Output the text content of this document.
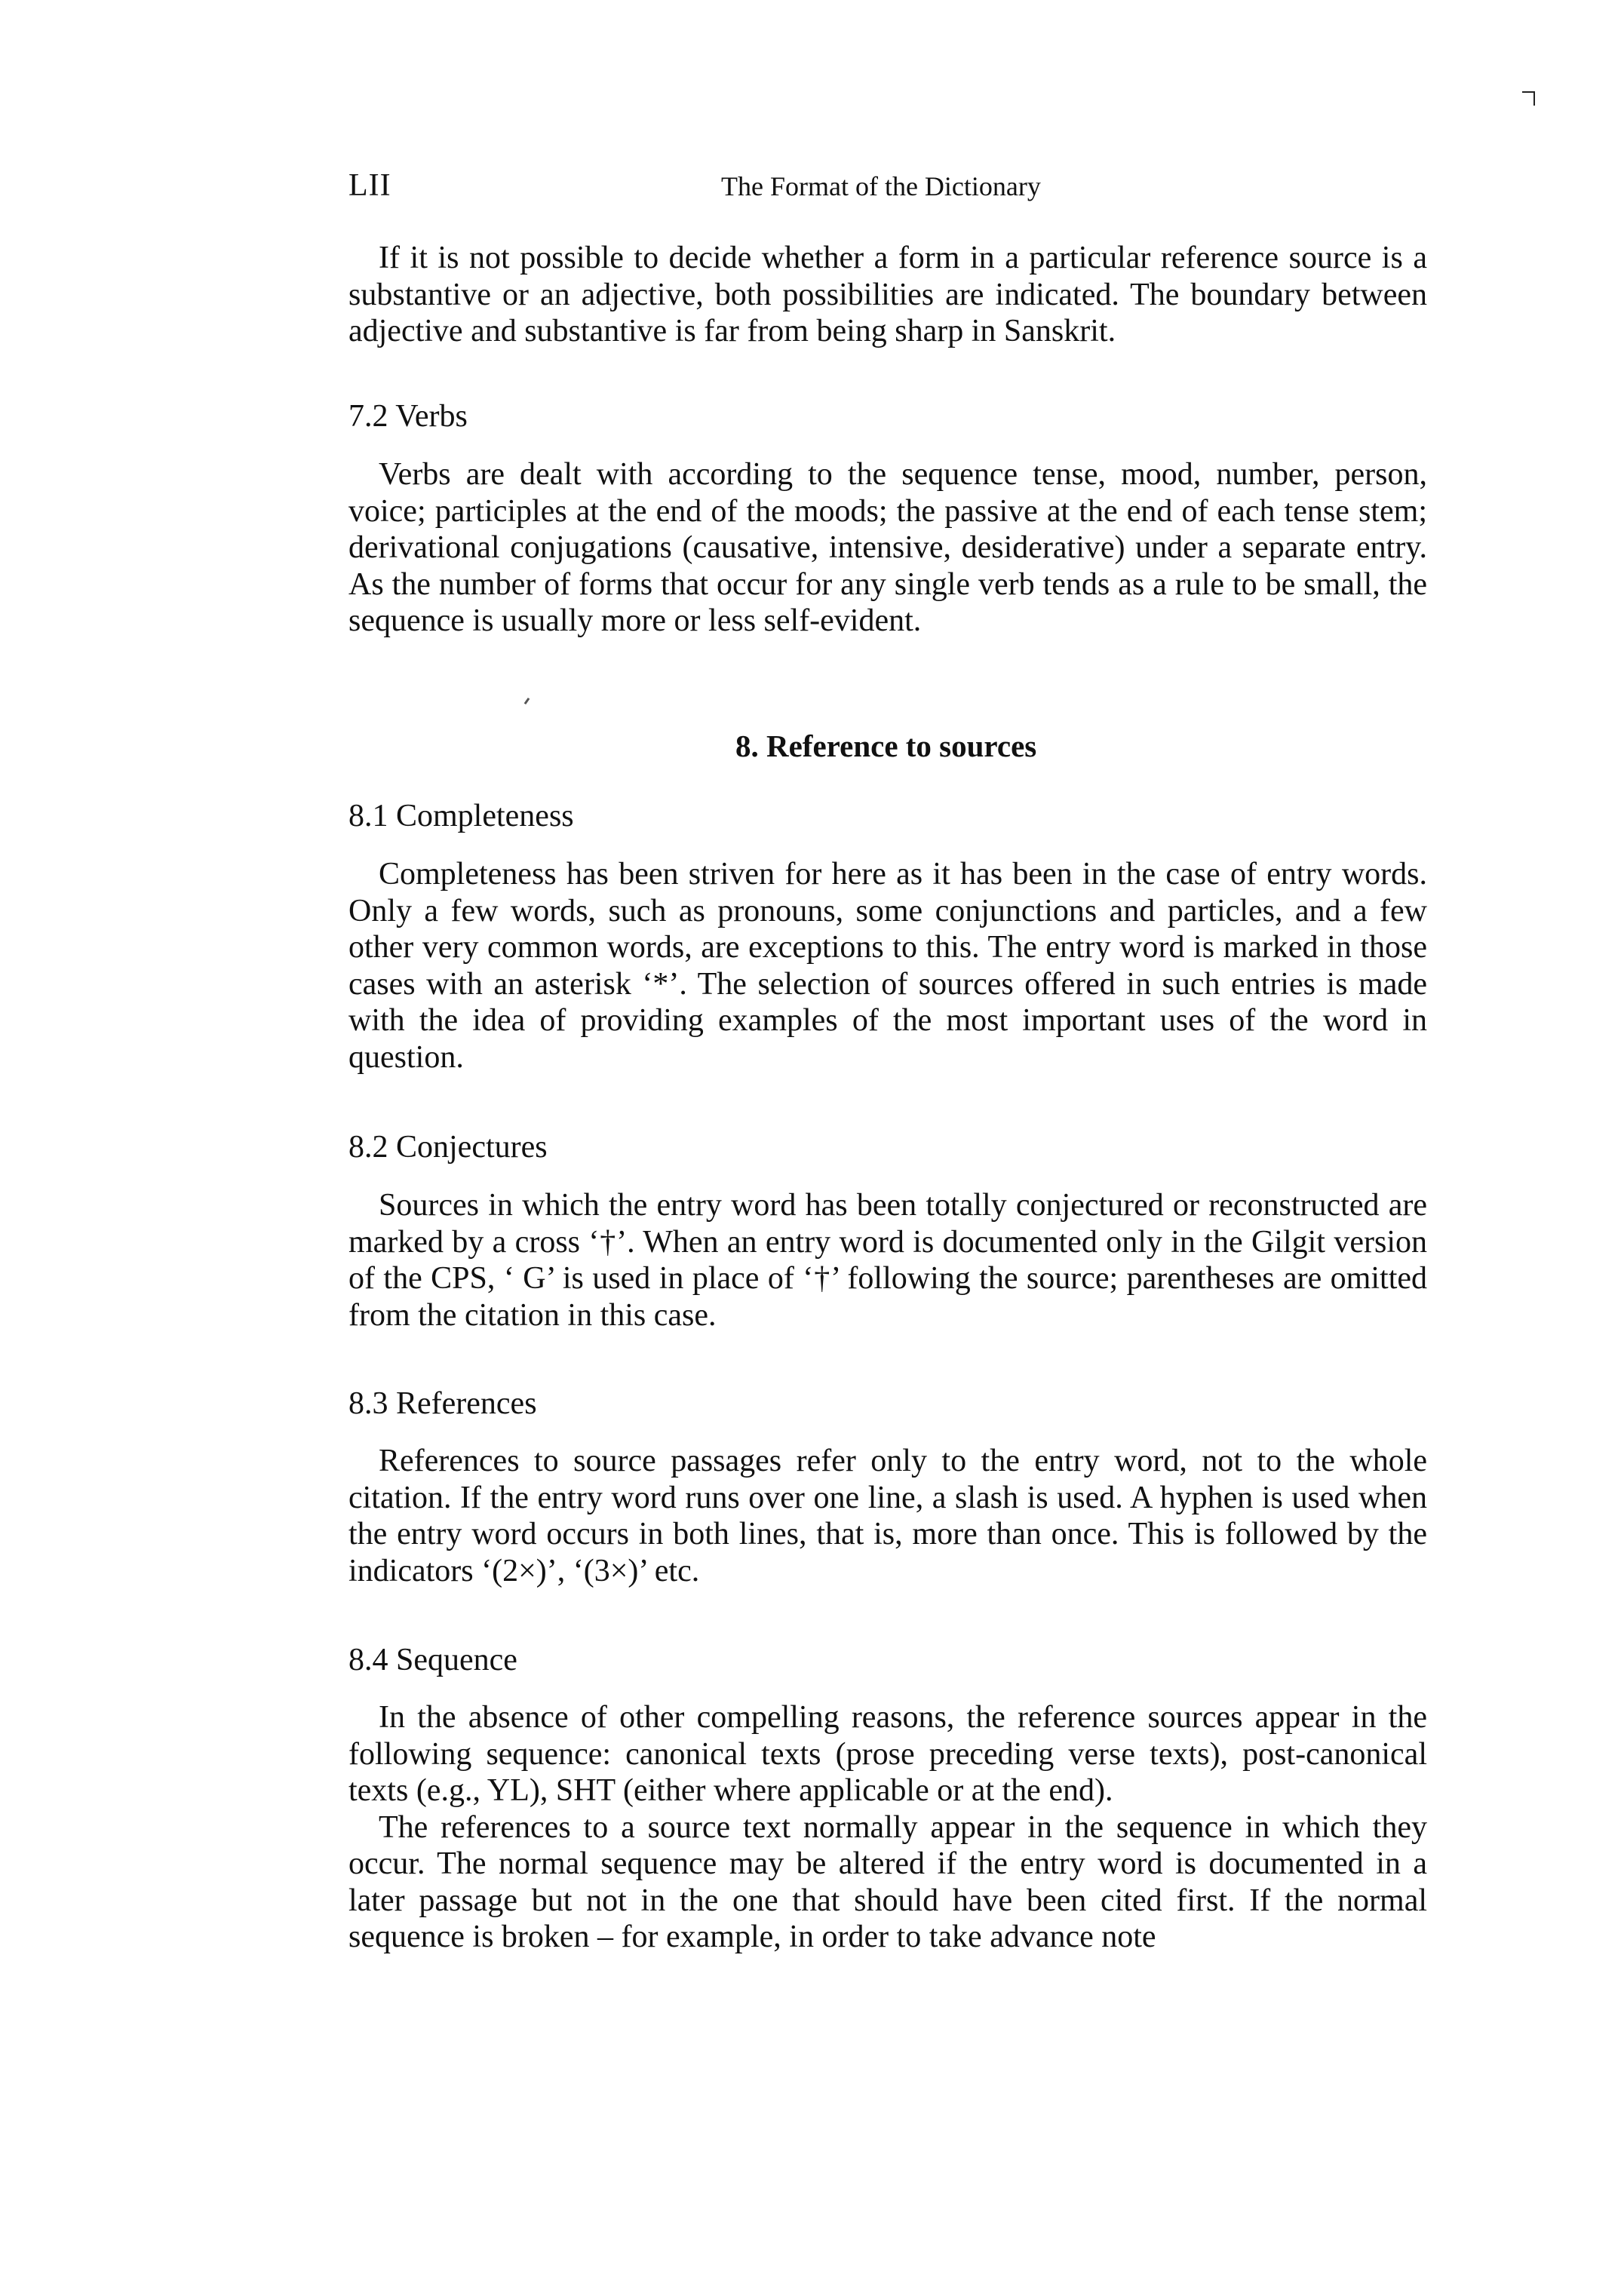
LII	The Format of the Dictionary

If it is not possible to decide whether a form in a particular reference source is a substantive or an adjective, both possibilities are indicated. The boundary between adjective and substantive is far from being sharp in Sanskrit.

7.2 Verbs

Verbs are dealt with according to the sequence tense, mood, number, person, voice; participles at the end of the moods; the passive at the end of each tense stem; derivational conjugations (causative, intensive, desiderative) under a separate entry. As the number of forms that occur for any single verb tends as a rule to be small, the sequence is usually more or less self-evident.

8. Reference to sources
8.1 Completeness

Completeness has been striven for here as it has been in the case of entry words. Only a few words, such as pronouns, some conjunctions and particles, and a few other very common words, are exceptions to this. The entry word is marked in those cases with an asterisk ‘*’. The selection of sources offered in such entries is made with the idea of providing examples of the most important uses of the word in question.

8.2 Conjectures

Sources in which the entry word has been totally conjectured or reconstructed are marked by a cross ‘†’. When an entry word is documented only in the Gilgit version of the CPS, ‘ G’ is used in place of ‘†’ following the source; parentheses are omitted from the citation in this case.

8.3 References

References to source passages refer only to the entry word, not to the whole citation. If the entry word runs over one line, a slash is used. A hyphen is used when the entry word occurs in both lines, that is, more than once. This is followed by the indicators ‘(2×)’, ‘(3×)’ etc.

8.4 Sequence

In the absence of other compelling reasons, the reference sources appear in the following sequence: canonical texts (prose preceding verse texts), post-canonical texts (e.g., YL), SHT (either where applicable or at the end).

The references to a source text normally appear in the sequence in which they occur. The normal sequence may be altered if the entry word is documented in a later passage but not in the one that should have been cited first. If the normal sequence is broken – for example, in order to take advance note
